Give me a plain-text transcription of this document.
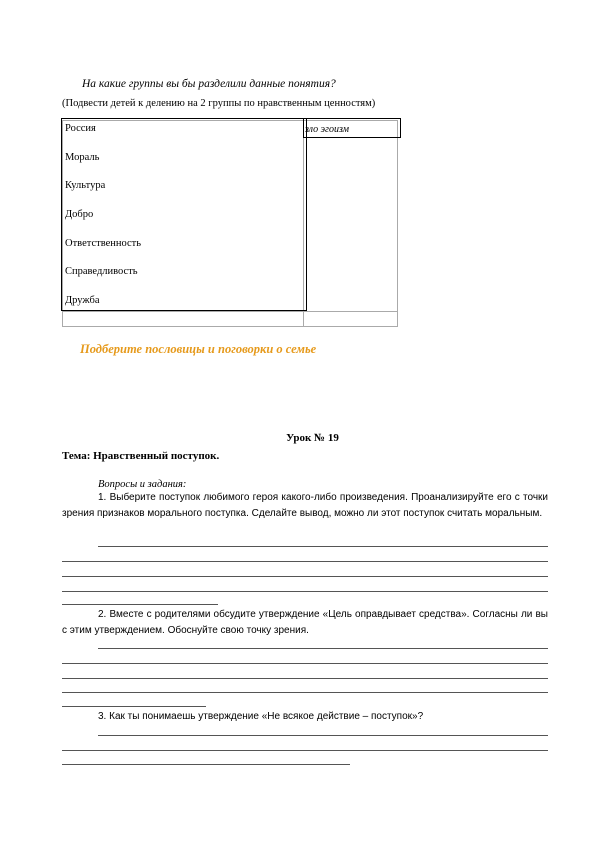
На какие группы вы бы разделили данные понятия?
(Подвести детей к делению на 2 группы по нравственным ценностям)
Россия
Мораль
Культура
Добро
Ответственность
Справедливость
Дружба
зло эгоизм
Подберите пословицы и поговорки о семье
Урок № 19
Тема: Нравственный поступок.
Вопросы и задания:
1. Выберите поступок любимого героя какого-либо произведения. Проанализируйте его с точки зрения признаков морального поступка. Сделайте вывод, можно ли этот поступок считать моральным.
2. Вместе с родителями обсудите утверждение «Цель оправдывает средства». Согласны ли вы с этим утверждением. Обоснуйте свою точку зрения.
3. Как ты понимаешь утверждение «Не всякое действие – поступок»?
